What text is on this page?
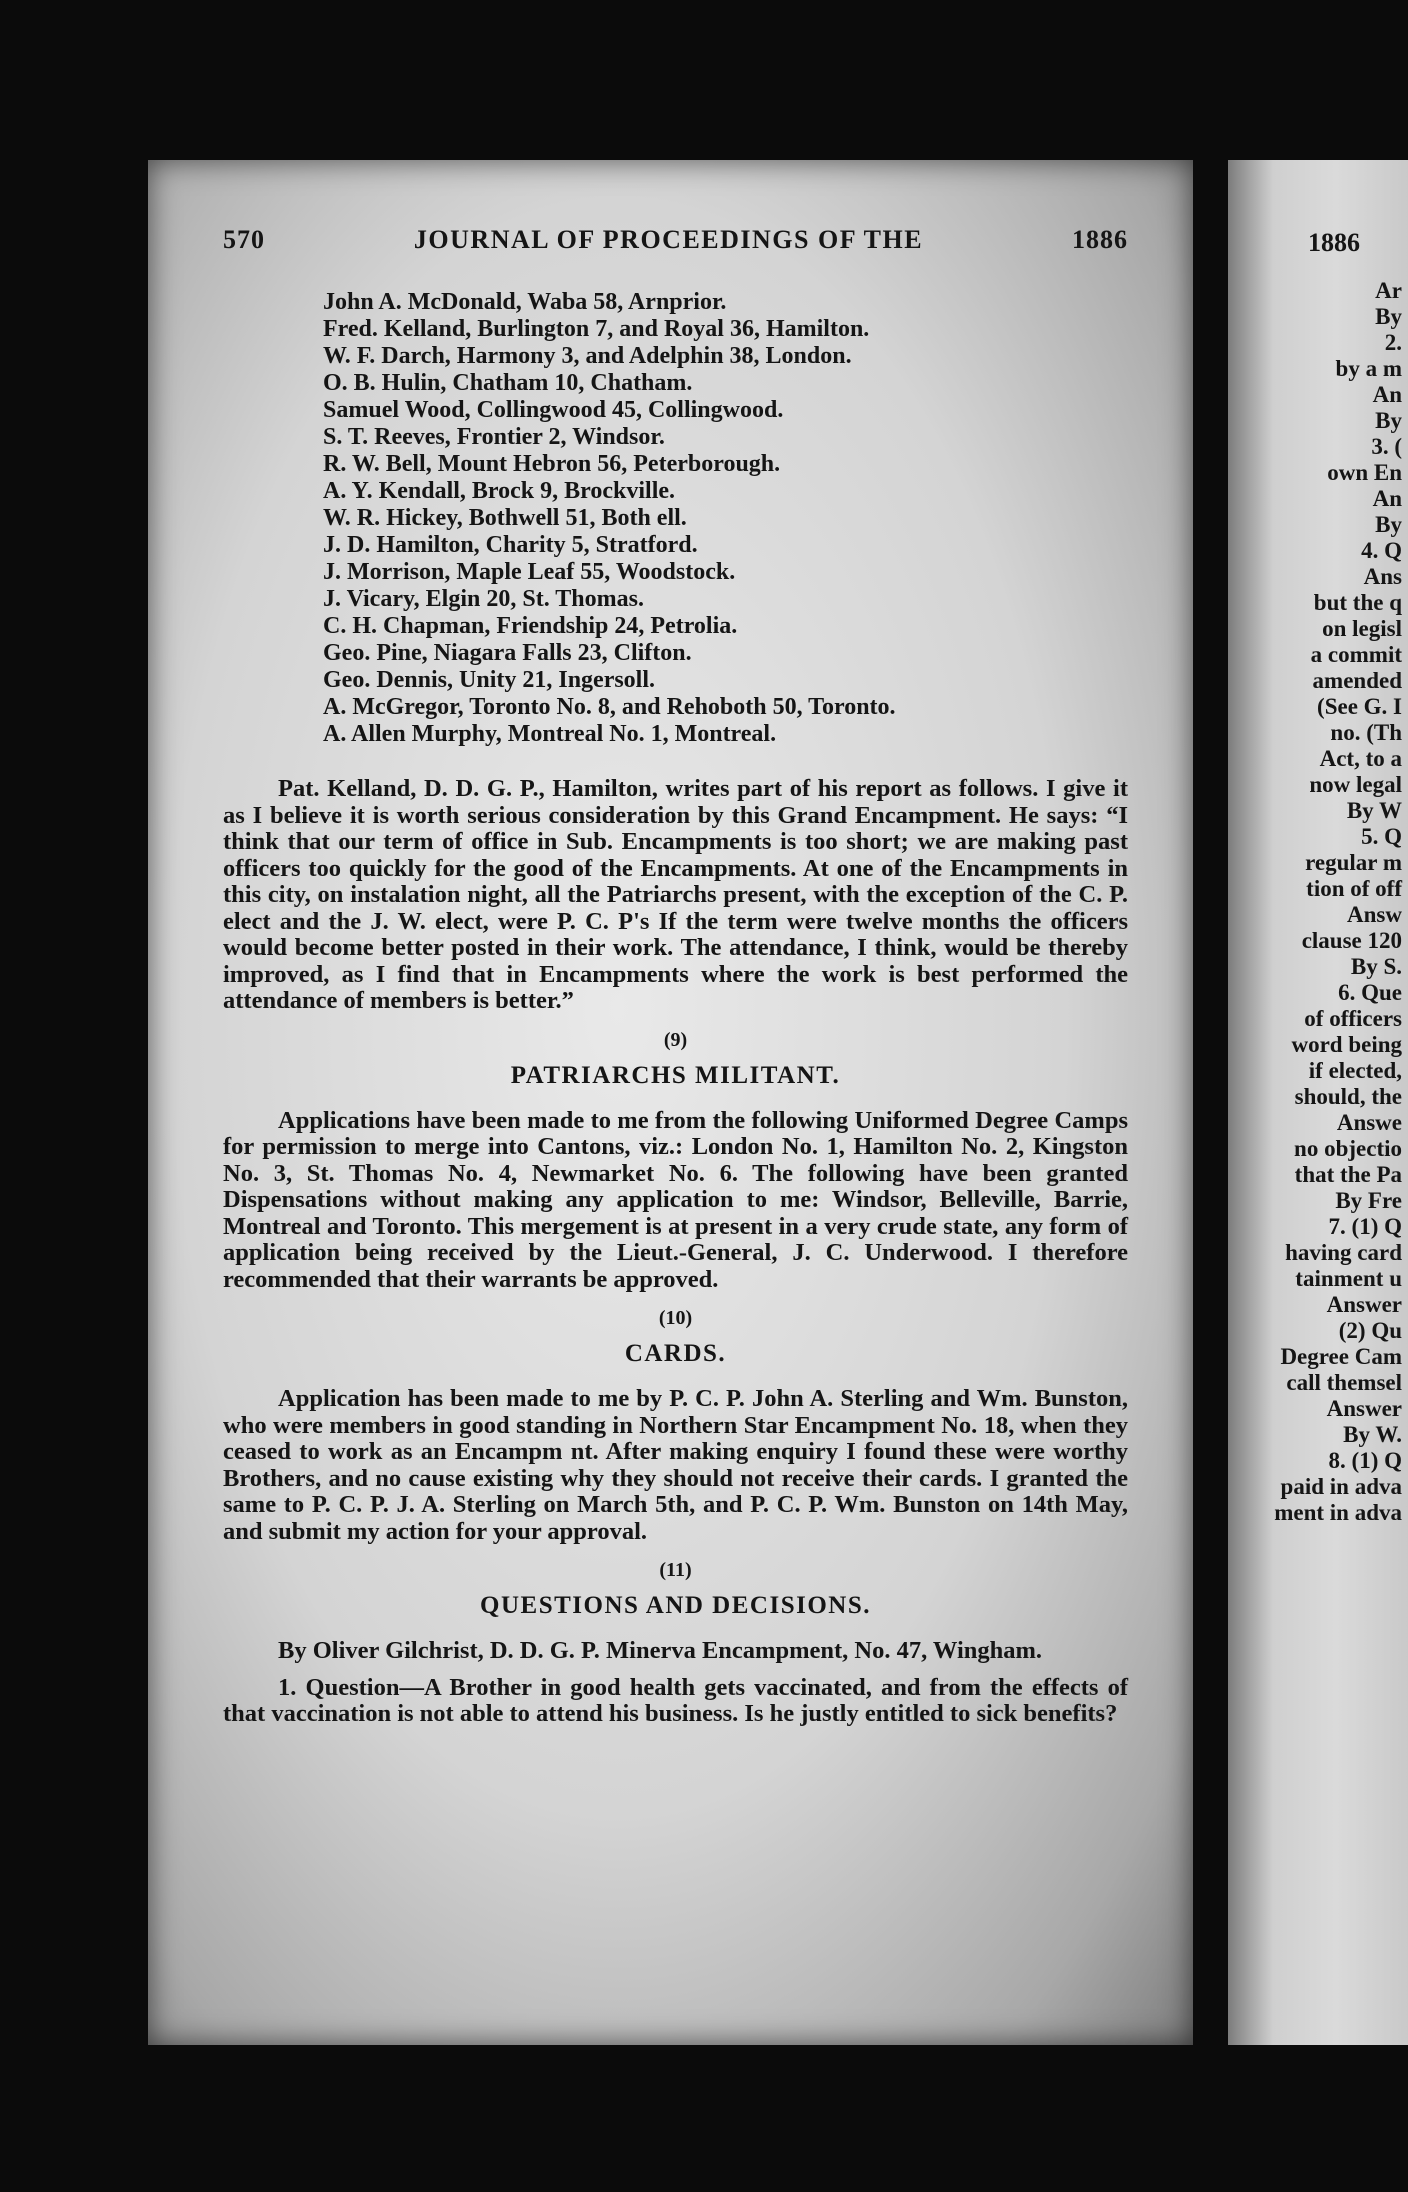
570	JOURNAL OF PROCEEDINGS OF THE	1886
John A. McDonald, Waba 58, Arnprior.
Fred. Kelland, Burlington 7, and Royal 36, Hamilton.
W. F. Darch, Harmony 3, and Adelphin 38, London.
O. B. Hulin, Chatham 10, Chatham.
Samuel Wood, Collingwood 45, Collingwood.
S. T. Reeves, Frontier 2, Windsor.
R. W. Bell, Mount Hebron 56, Peterborough.
A. Y. Kendall, Brock 9, Brockville.
W. R. Hickey, Bothwell 51, Both ell.
J. D. Hamilton, Charity 5, Stratford.
J. Morrison, Maple Leaf 55, Woodstock.
J. Vicary, Elgin 20, St. Thomas.
C. H. Chapman, Friendship 24, Petrolia.
Geo. Pine, Niagara Falls 23, Clifton.
Geo. Dennis, Unity 21, Ingersoll.
A. McGregor, Toronto No. 8, and Rehoboth 50, Toronto.
A. Allen Murphy, Montreal No. 1, Montreal.

Pat. Kelland, D. D. G. P., Hamilton, writes part of his report as follows. I give it as I believe it is worth serious consideration by this Grand Encampment. He says: “I think that our term of office in Sub. Encampments is too short; we are making past officers too quickly for the good of the Encampments. At one of the Encampments in this city, on instalation night, all the Patriarchs present, with the exception of the C. P. elect and the J. W. elect, were P. C. P's If the term were twelve months the officers would become better posted in their work. The attendance, I think, would be thereby improved, as I find that in Encampments where the work is best performed the attendance of members is better.”

(9)
PATRIARCHS MILITANT.

Applications have been made to me from the following Uniformed Degree Camps for permission to merge into Cantons, viz.: London No. 1, Hamilton No. 2, Kingston No. 3, St. Thomas No. 4, Newmarket No. 6. The following have been granted Dispensations without making any application to me: Windsor, Belleville, Barrie, Montreal and Toronto. This mergement is at present in a very crude state, any form of application being received by the Lieut.-General, J. C. Underwood. I therefore recommended that their warrants be approved.

(10)
CARDS.

Application has been made to me by P. C. P. John A. Sterling and Wm. Bunston, who were members in good standing in Northern Star Encampment No. 18, when they ceased to work as an Encampm nt. After making enquiry I found these were worthy Brothers, and no cause existing why they should not receive their cards. I granted the same to P. C. P. J. A. Sterling on March 5th, and P. C. P. Wm. Bunston on 14th May, and submit my action for your approval.

(11)
QUESTIONS AND DECISIONS.

By Oliver Gilchrist, D. D. G. P. Minerva Encampment, No. 47, Wingham.

1. Question—A Brother in good health gets vaccinated, and from the effects of that vaccination is not able to attend his business. Is he justly entitled to sick benefits?

1886
Ar
By
2.
by a m
An
By
3. (
own En
An
By
4. Q
Ans
but the q
on legisl
a commit
amended
(See G. I
no. (Th
Act, to a
now legal
By W
5. Q
regular m
tion of off
Answ
clause 120
By S.
6. Que
of officers
word being
if elected,
should, the
Answe
no objectio
that the Pa
By Fre
7. (1) Q
having card
tainment u
Answer
(2) Qu
Degree Cam
call themsel
Answer
By W.
8. (1) Q
paid in adva
ment in adva
